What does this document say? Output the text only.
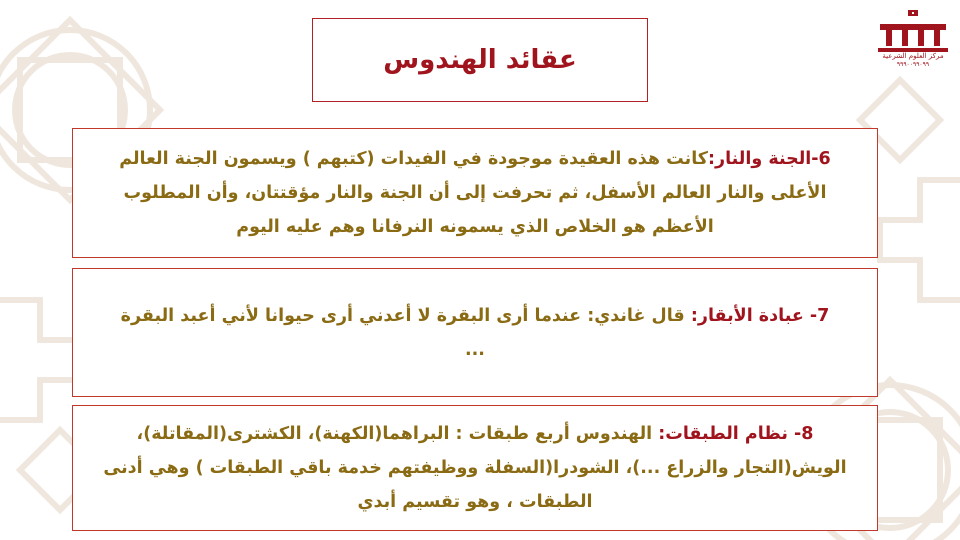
مركز العلوم الشرعية
٩٩٩٠٠٩٩٠٩٩
عقائد الهندوس

6-الجنة والنار:كانت هذه العقيدة موجودة في الفيدات (كتبهم ) ويسمون الجنة العالم

الأعلى والنار العالم الأسفل، ثم تحرفت إلى أن الجنة والنار مؤقتتان، وأن المطلوب

الأعظم هو الخلاص الذي يسمونه النرفانا وهم عليه اليوم

7- عبادة الأبقار: قال غاندي: عندما أرى البقرة لا أعدني أرى حيوانا لأني أعبد البقرة

...

8- نظام الطبقات: الهندوس أربع طبقات : البراهما(الكهنة)، الكشترى(المقاتلة)،

الويش(التجار والزراع ...)، الشودرا(السفلة ووظيفتهم خدمة باقي الطبقات ) وهي أدنى

الطبقات ، وهو تقسيم أبدي
